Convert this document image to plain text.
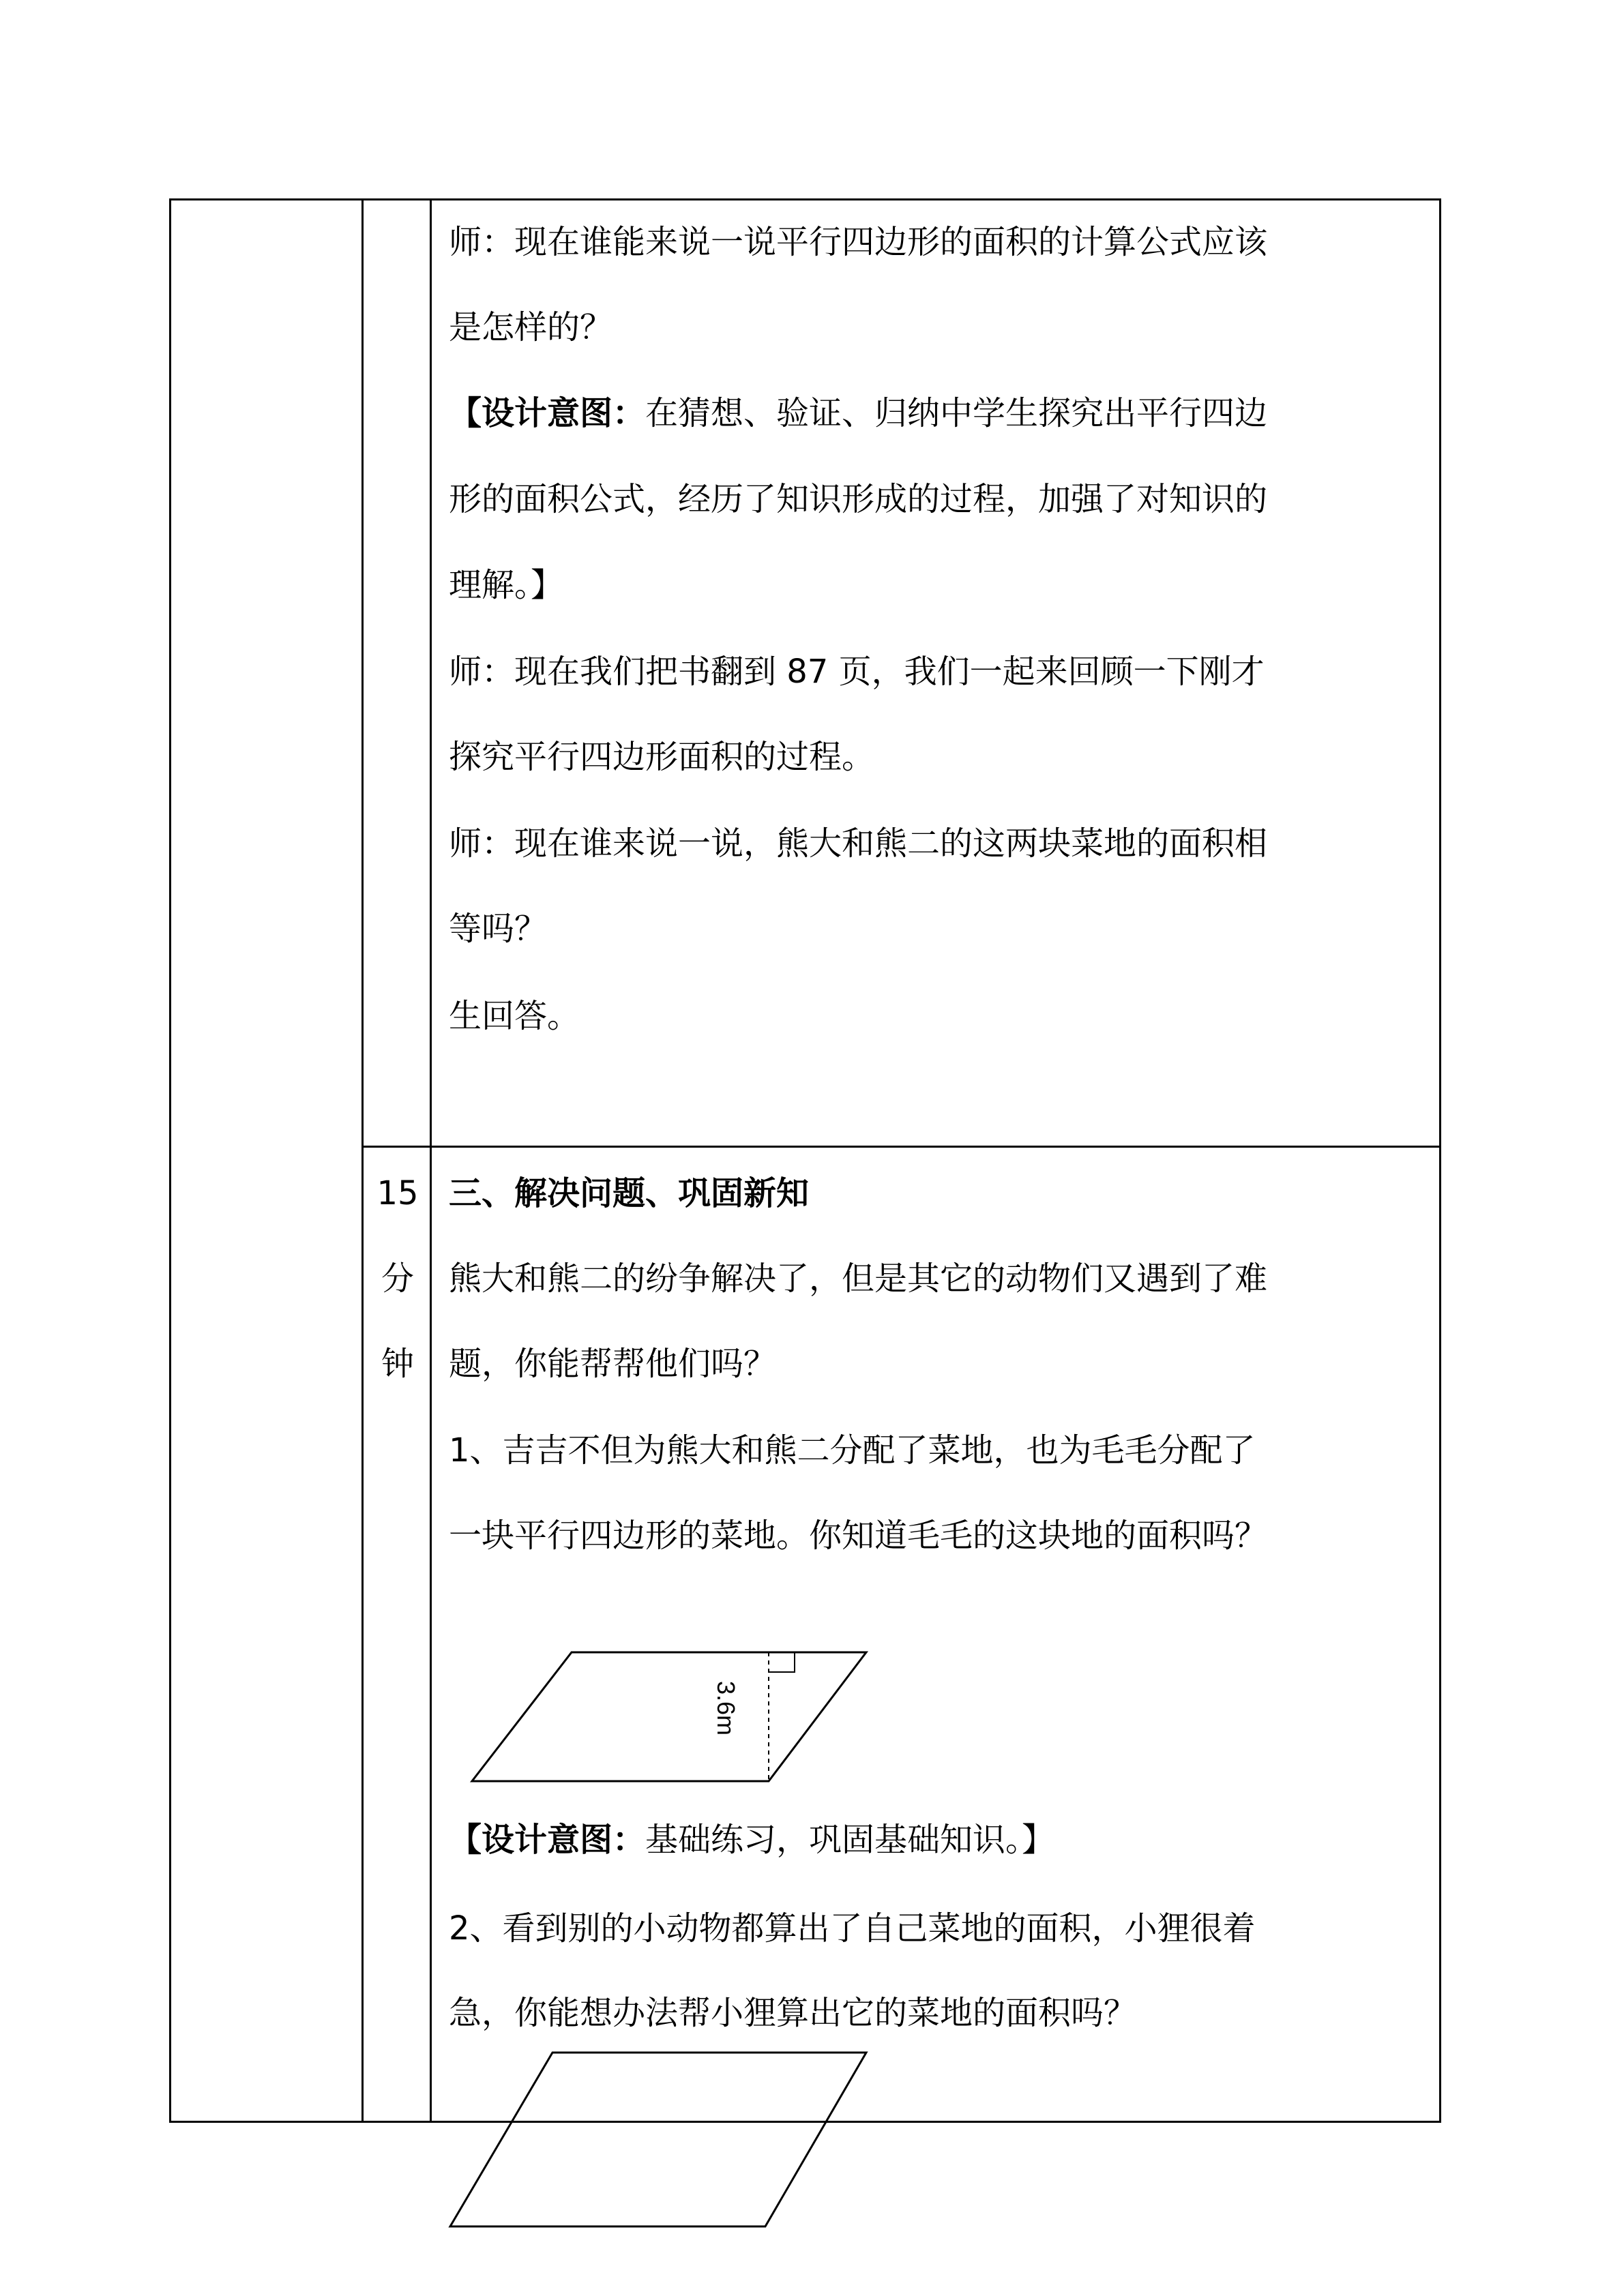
师：现在谁能来说一说平行四边形的面积的计算公式应该
是怎样的？
【设计意图：在猜想、验证、归纳中学生探究出平行四边
形的面积公式，经历了知识形成的过程，加强了对知识的
理解。】
师：现在我们把书翻到 87 页，我们一起来回顾一下刚才
探究平行四边形面积的过程。
师：现在谁来说一说，熊大和熊二的这两块菜地的面积相
等吗？
生回答。
15
分
钟
三、解决问题、巩固新知
熊大和熊二的纷争解决了，但是其它的动物们又遇到了难
题，你能帮帮他们吗？
1、吉吉不但为熊大和熊二分配了菜地，也为毛毛分配了
一块平行四边形的菜地。你知道毛毛的这块地的面积吗？
3.6m
【设计意图：基础练习，巩固基础知识。】
2、看到别的小动物都算出了自己菜地的面积，小狸很着
急，你能想办法帮小狸算出它的菜地的面积吗？
